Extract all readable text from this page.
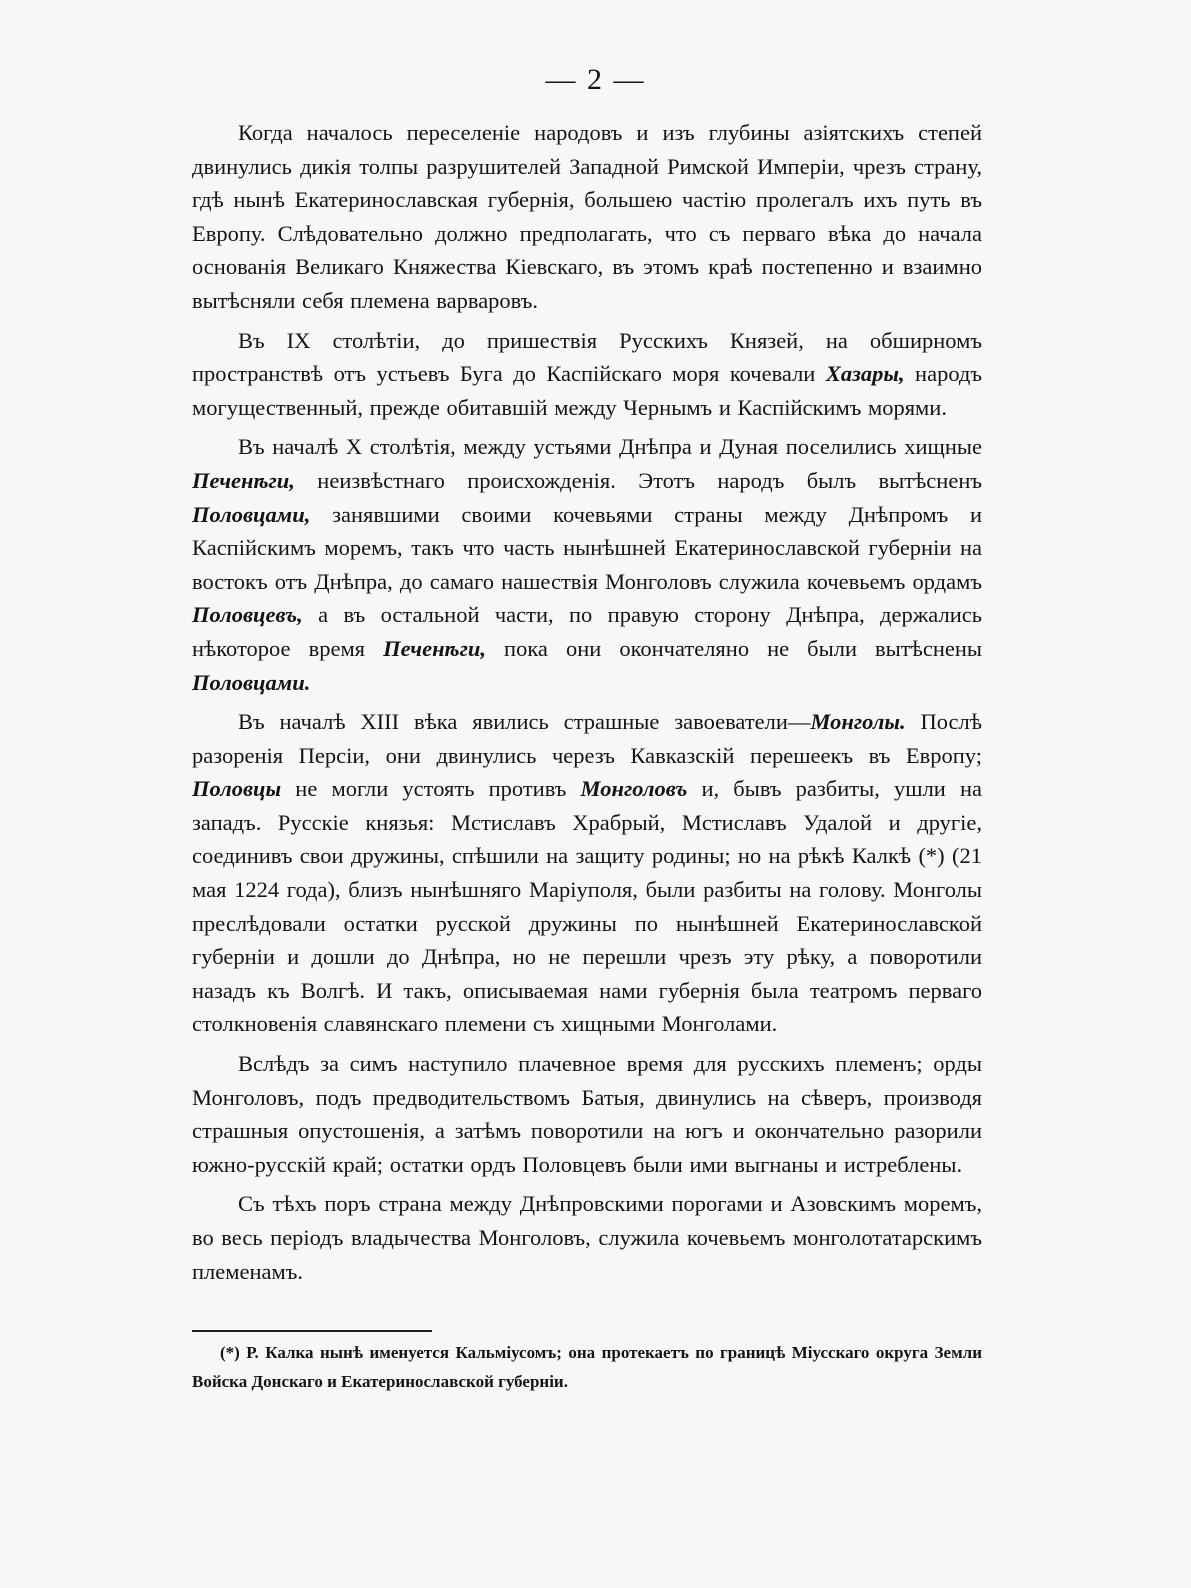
— 2 —

Когда началось переселеніе народовъ и изъ глубины азіятскихъ степей двинулись дикія толпы разрушителей Западной Римской Имперіи, чрезъ страну, гдѣ нынѣ Екатеринославская губернія, большею частію пролегалъ ихъ путь въ Европу. Слѣдовательно должно предполагать, что съ перваго вѣка до начала основанія Великаго Княжества Кіевскаго, въ этомъ краѣ постепенно и взаимно вытѣсняли себя племена варваровъ.

Въ IX столѣтіи, до пришествія Русскихъ Князей, на обширномъ пространствѣ отъ устьевъ Буга до Каспійскаго моря кочевали Хазары, народъ могущественный, прежде обитавшій между Чернымъ и Каспійскимъ морями.

Въ началѣ X столѣтія, между устьями Днѣпра и Дуная поселились хищные Печенѣги, неизвѣстнаго происхожденія. Этотъ народъ былъ вытѣсненъ Половцами, занявшими своими кочевьями страны между Днѣпромъ и Каспійскимъ моремъ, такъ что часть нынѣшней Екатеринославской губерніи на востокъ отъ Днѣпра, до самаго нашествія Монголовъ служила кочевьемъ ордамъ Половцевъ, а въ остальной части, по правую сторону Днѣпра, держались нѣкоторое время Печенѣги, пока они окончателяно не были вытѣснены Половцами.

Въ началѣ XIII вѣка явились страшные завоеватели—Монголы. Послѣ разоренія Персіи, они двинулись черезъ Кавказскій перешеекъ въ Европу; Половцы не могли устоять противъ Монголовъ и, бывъ разбиты, ушли на западъ. Русскіе князья: Мстиславъ Храбрый, Мстиславъ Удалой и другіе, соединивъ свои дружины, спѣшили на защиту родины; но на рѣкѣ Калкѣ (*) (21 мая 1224 года), близъ нынѣшняго Маріуполя, были разбиты на голову. Монголы преслѣдовали остатки русской дружины по нынѣшней Екатеринославской губерніи и дошли до Днѣпра, но не перешли чрезъ эту рѣку, а поворотили назадъ къ Волгѣ. И такъ, описываемая нами губернія была театромъ перваго столкновенія славянскаго племени съ хищными Монголами.

Вслѣдъ за симъ наступило плачевное время для русскихъ племенъ; орды Монголовъ, подъ предводительствомъ Батыя, двинулись на сѣверъ, производя страшныя опустошенія, а затѣмъ поворотили на югъ и окончательно разорили южно-русскій край; остатки ордъ Половцевъ были ими выгнаны и истреблены.

Съ тѣхъ поръ страна между Днѣпровскими порогами и Азовскимъ моремъ, во весь періодъ владычества Монголовъ, служила кочевьемъ монголотатарскимъ племенамъ.

(*) Р. Калка нынѣ именуется Кальміусомъ; она протекаетъ по границѣ Міусскаго округа Земли Войска Донскаго и Екатеринославской губерніи.
